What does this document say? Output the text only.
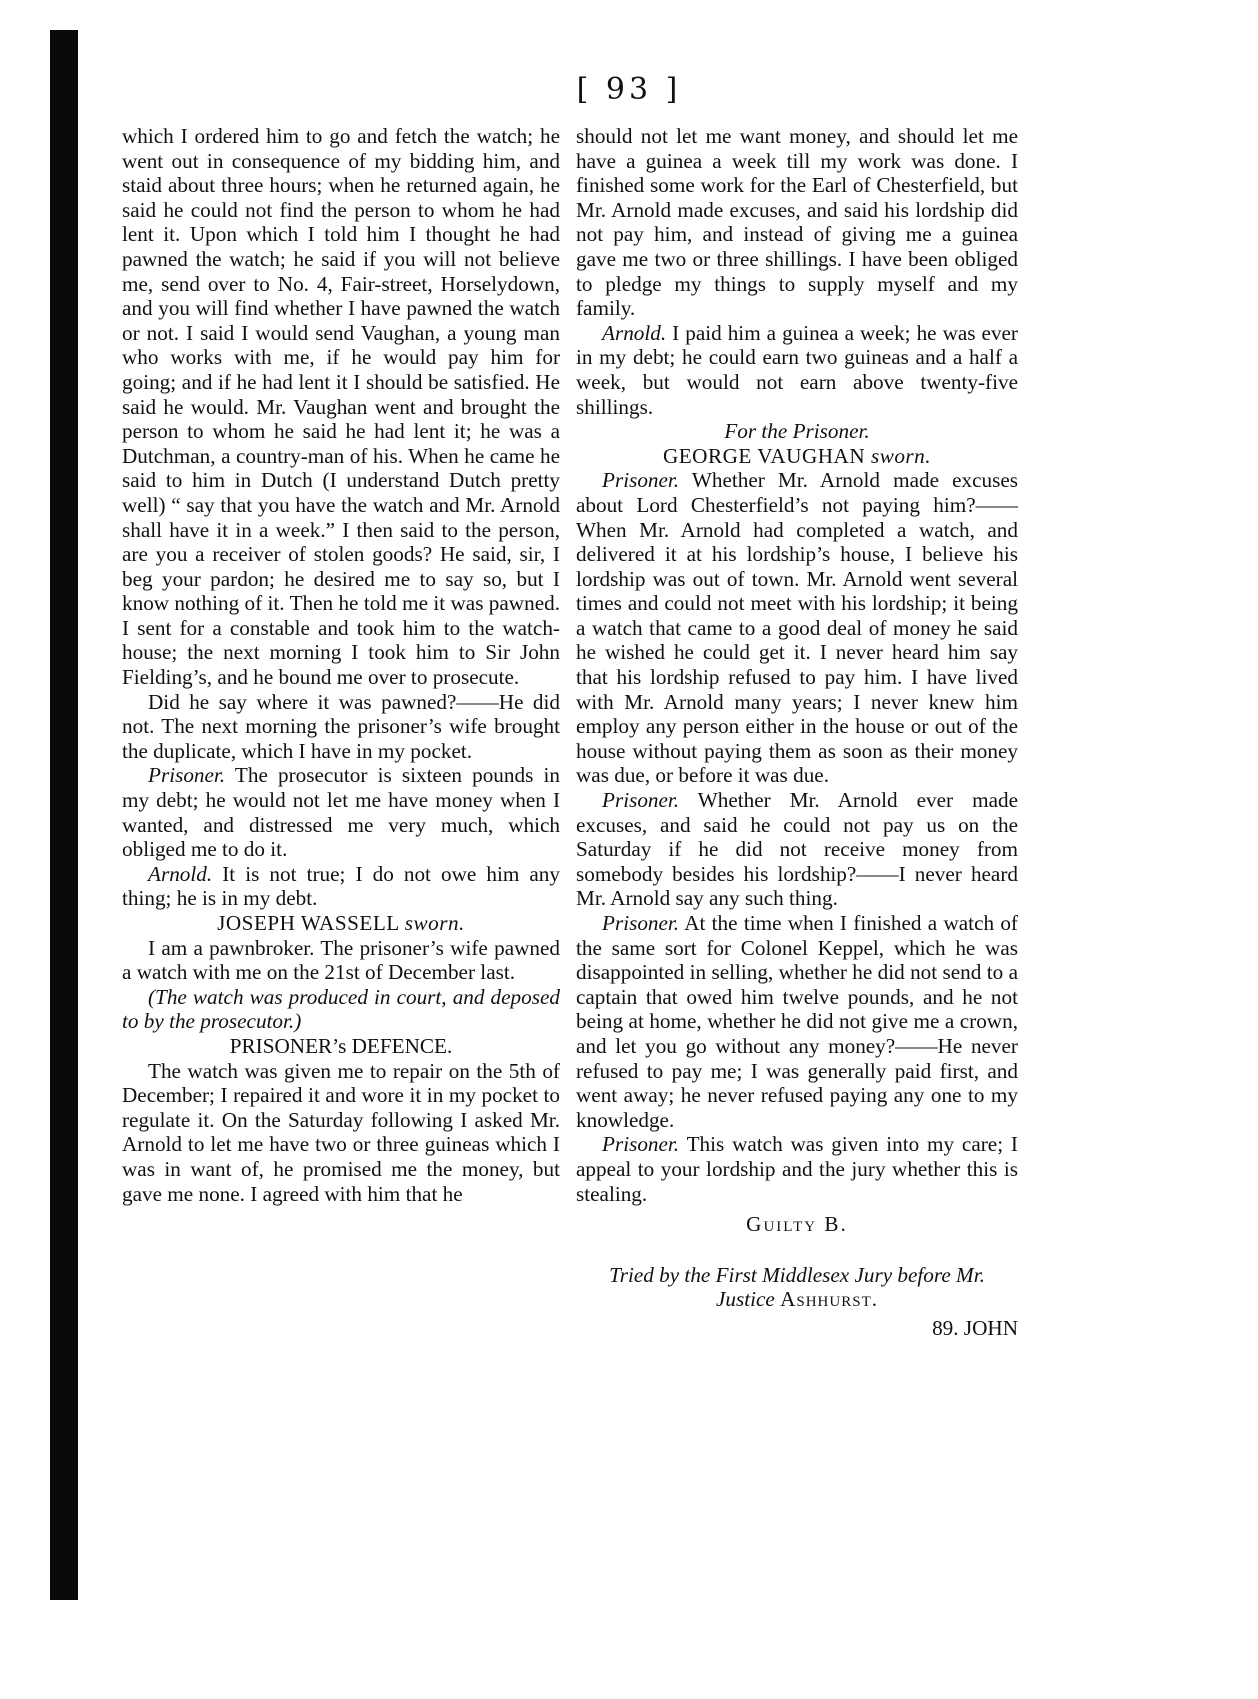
[ 93 ]

which I ordered him to go and fetch the watch; he went out in consequence of my bidding him, and staid about three hours; when he returned again, he said he could not find the person to whom he had lent it. Upon which I told him I thought he had pawned the watch; he said if you will not believe me, send over to No. 4, Fair-street, Horselydown, and you will find whether I have pawned the watch or not. I said I would send Vaughan, a young man who works with me, if he would pay him for going; and if he had lent it I should be satisfied. He said he would. Mr. Vaughan went and brought the person to whom he said he had lent it; he was a Dutchman, a country-man of his. When he came he said to him in Dutch (I understand Dutch pretty well) “ say that you have the watch and Mr. Arnold shall have it in a week.” I then said to the person, are you a receiver of stolen goods? He said, sir, I beg your pardon; he desired me to say so, but I know nothing of it. Then he told me it was pawned. I sent for a constable and took him to the watch-house; the next morning I took him to Sir John Fielding’s, and he bound me over to prosecute.

Did he say where it was pawned?——He did not. The next morning the prisoner’s wife brought the duplicate, which I have in my pocket.

Prisoner. The prosecutor is sixteen pounds in my debt; he would not let me have money when I wanted, and distressed me very much, which obliged me to do it.

Arnold. It is not true; I do not owe him any thing; he is in my debt.

JOSEPH WASSELL sworn.

I am a pawnbroker. The prisoner’s wife pawned a watch with me on the 21st of December last.

(The watch was produced in court, and deposed to by the prosecutor.)

PRISONER’s DEFENCE.

The watch was given me to repair on the 5th of December; I repaired it and wore it in my pocket to regulate it. On the Saturday following I asked Mr. Arnold to let me have two or three guineas which I was in want of, he promised me the money, but gave me none. I agreed with him that he

should not let me want money, and should let me have a guinea a week till my work was done. I finished some work for the Earl of Chesterfield, but Mr. Arnold made excuses, and said his lordship did not pay him, and instead of giving me a guinea gave me two or three shillings. I have been obliged to pledge my things to supply myself and my family.

Arnold. I paid him a guinea a week; he was ever in my debt; he could earn two guineas and a half a week, but would not earn above twenty-five shillings.

For the Prisoner.

GEORGE VAUGHAN sworn.

Prisoner. Whether Mr. Arnold made excuses about Lord Chesterfield’s not paying him?——When Mr. Arnold had completed a watch, and delivered it at his lordship’s house, I believe his lordship was out of town. Mr. Arnold went several times and could not meet with his lordship; it being a watch that came to a good deal of money he said he wished he could get it. I never heard him say that his lordship refused to pay him. I have lived with Mr. Arnold many years; I never knew him employ any person either in the house or out of the house without paying them as soon as their money was due, or before it was due.

Prisoner. Whether Mr. Arnold ever made excuses, and said he could not pay us on the Saturday if he did not receive money from somebody besides his lordship?——I never heard Mr. Arnold say any such thing.

Prisoner. At the time when I finished a watch of the same sort for Colonel Keppel, which he was disappointed in selling, whether he did not send to a captain that owed him twelve pounds, and he not being at home, whether he did not give me a crown, and let you go without any money?——He never refused to pay me; I was generally paid first, and went away; he never refused paying any one to my knowledge.

Prisoner. This watch was given into my care; I appeal to your lordship and the jury whether this is stealing.

Guilty B.

Tried by the First Middlesex Jury before Mr.
Justice Ashhurst.

89. JOHN
